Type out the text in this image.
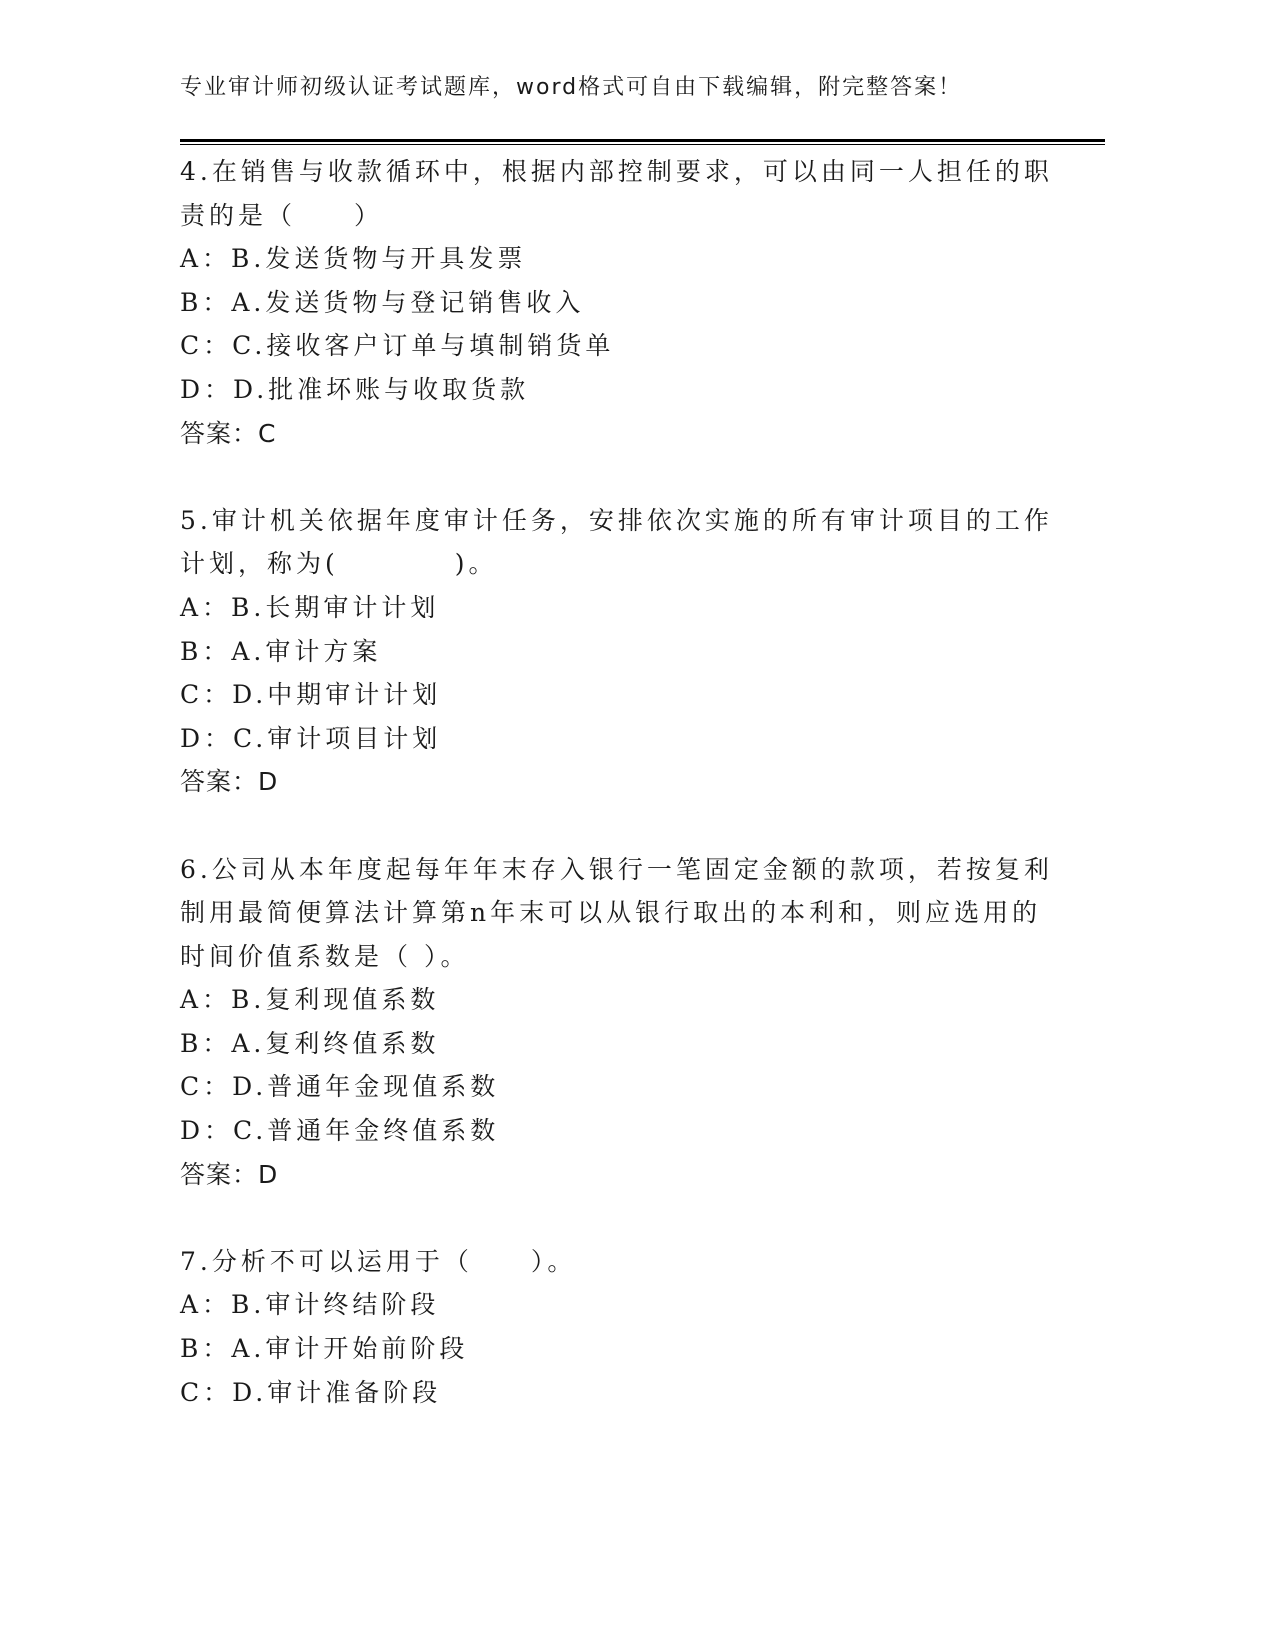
专业审计师初级认证考试题库，word格式可自由下载编辑，附完整答案！
4.在销售与收款循环中，根据内部控制要求，可以由同一人担任的职
责的是（　　）
A：B.发送货物与开具发票
B：A.发送货物与登记销售收入
C：C.接收客户订单与填制销货单
D：D.批准坏账与收取货款
答案：C
5.审计机关依据年度审计任务，安排依次实施的所有审计项目的工作
计划，称为(　　　　)。
A：B.长期审计计划
B：A.审计方案
C：D.中期审计计划
D：C.审计项目计划
答案：D
6.公司从本年度起每年年末存入银行一笔固定金额的款项，若按复利
制用最简便算法计算第n年末可以从银行取出的本利和，则应选用的
时间价值系数是（ ）。
A：B.复利现值系数
B：A.复利终值系数
C：D.普通年金现值系数
D：C.普通年金终值系数
答案：D
7.分析不可以运用于（　　）。
A：B.审计终结阶段
B：A.审计开始前阶段
C：D.审计准备阶段
